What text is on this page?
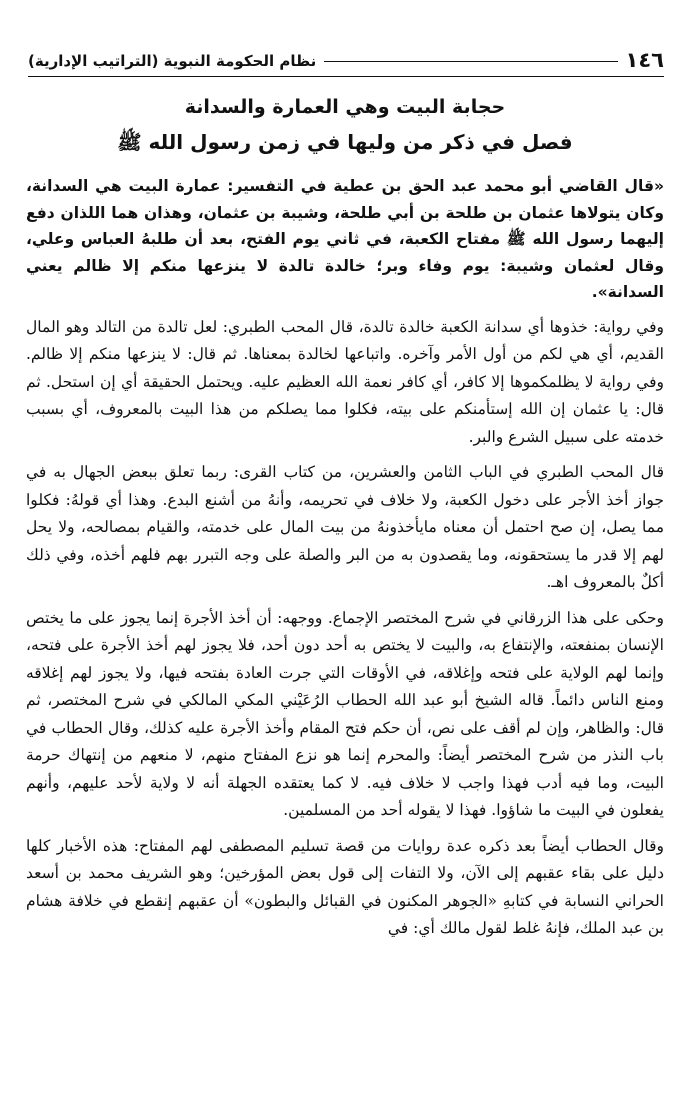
نظام الحكومة النبوية (التراتيب الإدارية)	١٤٦
حجابة البيت وهي العمارة والسدانة
فصل في ذكر من وليها في زمن رسول الله ﷺ

«قال القاضي أبو محمد عبد الحق بن عطية في التفسير: عمارة البيت هي السدانة، وكان يتولاها عثمان بن طلحة بن أبي طلحة، وشيبة بن عثمان، وهذان هما اللذان دفع إليهما رسول الله ﷺ مفتاح الكعبة، في ثاني يوم الفتح، بعد أن طلبهُ العباس وعلي، وقال لعثمان وشيبة: يوم وفاء وبر؛ خالدة تالدة لا ينزعها منكم إلا ظالم يعني السدانة».

وفي رواية: خذوها أي سدانة الكعبة خالدة تالدة، قال المحب الطبري: لعل تالدة من التالد وهو المال القديم، أي هي لكم من أول الأمر وآخره. واتباعها لخالدة بمعناها. ثم قال: لا ينزعها منكم إلا ظالم. وفي رواية لا يظلمكموها إلا كافر، أي كافر نعمة الله العظيم عليه. ويحتمل الحقيقة أي إن استحل. ثم قال: يا عثمان إن الله إستأمنكم على بيته، فكلوا مما يصلكم من هذا البيت بالمعروف، أي بسبب خدمته على سبيل الشرع والبر.

قال المحب الطبري في الباب الثامن والعشرين، من كتاب القرى: ربما تعلق ببعض الجهال به في جواز أخذ الأجر على دخول الكعبة، ولا خلاف في تحريمه، وأنهُ من أشنع البدع. وهذا أي قولهُ: فكلوا مما يصل، إن صح احتمل أن معناه مايأخذونهُ من بيت المال على خدمته، والقيام بمصالحه، ولا يحل لهم إلا قدر ما يستحقونه، وما يقصدون به من البر والصلة على وجه التبرر بهم فلهم أخذه، وفي ذلك أكلٌ بالمعروف اهـ.

وحكى على هذا الزرقاني في شرح المختصر الإجماع. ووجهه: أن أخذ الأجرة إنما يجوز على ما يختص الإنسان بمنفعته، والإنتفاع به، والبيت لا يختص به أحد دون أحد، فلا يجوز لهم أخذ الأجرة على فتحه، وإنما لهم الولاية على فتحه وإغلاقه، في الأوقات التي جرت العادة بفتحه فيها، ولا يجوز لهم إغلاقه ومنع الناس دائماً. قاله الشيخ أبو عبد الله الحطاب الرُعَيْني المكي المالكي في شرح المختصر، ثم قال: والظاهر، وإن لم أقف على نص، أن حكم فتح المقام وأخذ الأجرة عليه كذلك، وقال الحطاب في باب النذر من شرح المختصر أيضاً: والمحرم إنما هو نزع المفتاح منهم، لا منعهم من إنتهاك حرمة البيت، وما فيه أدب فهذا واجب لا خلاف فيه. لا كما يعتقده الجهلة أنه لا ولاية لأحد عليهم، وأنهم يفعلون في البيت ما شاؤوا. فهذا لا يقوله أحد من المسلمين.

وقال الحطاب أيضاً بعد ذكره عدة روايات من قصة تسليم المصطفى لهم المفتاح: هذه الأخبار كلها دليل على بقاء عقبهم إلى الآن، ولا التفات إلى قول بعض المؤرخين؛ وهو الشريف محمد بن أسعد الحراني النسابة في كتابهِ «الجوهر المكنون في القبائل والبطون» أن عقبهم إنقطع في خلافة هشام بن عبد الملك، فإنهُ غلط لقول مالك أي: في
